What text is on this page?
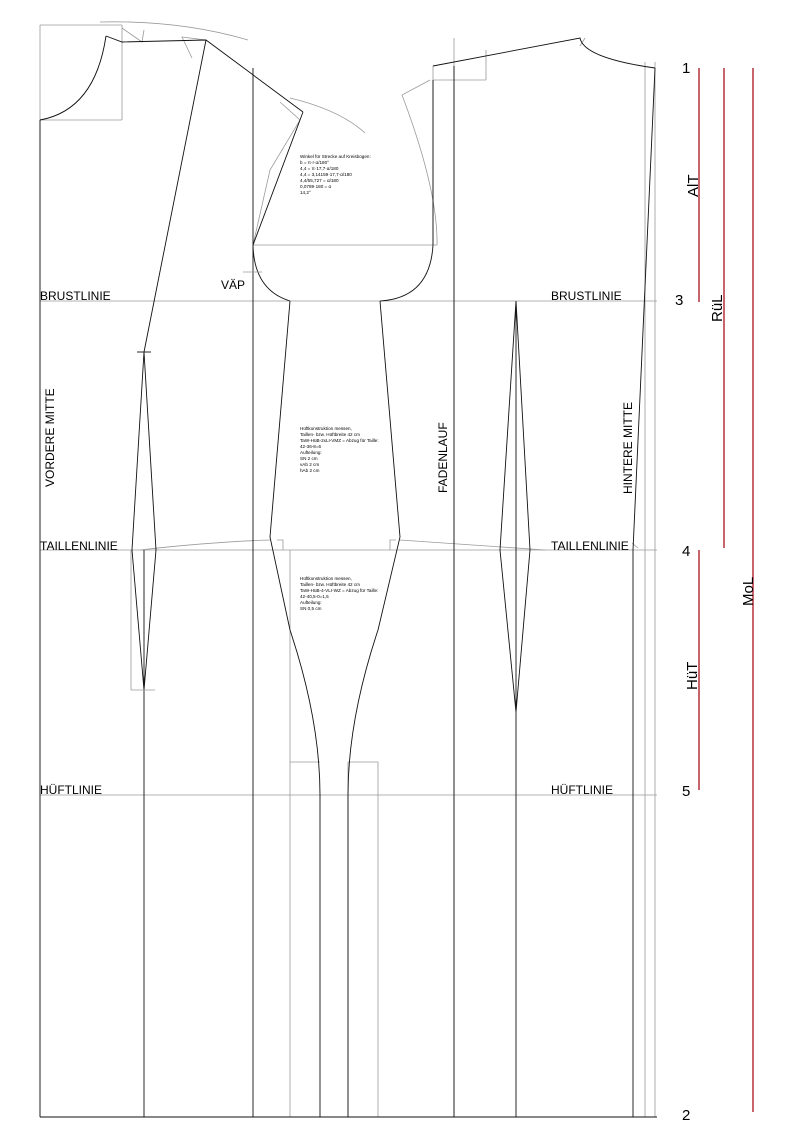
BRUSTLINIE	BRUSTLINIE
TAILLENLINIE	TAILLENLINIE
HÜFTLINIE	HÜFTLINIE
VÄP
VORDERE MITTE	FADENLAUF	HINTERE MITTE
Winkel für Strecke auf Kreisbogen: b = π·r·α/180° 4,4 = π·17,7·α/180 4,4 = 3,14159·17,7·α/180 4,4/55,727 = α/180 0,0789·180 = α 14,2°
Hüftkonstruktion messen, Taillen- bzw. Hüftbreite 42 cm TaW-HüB-2xLI-VMZ = Abzug für Taille: 42-36-8=6 Aufteilung: SN 2 cm vAb 2 cm hAb 2 cm
Hüftkonstruktion messen, Taillen- bzw. Hüftbreite 42 cm TaW-HüB-4-VLI-WZ = Abzug für Taille: 42-40,5-0=1,5 Aufteilung: SN 0,5 cm
1
3
4
5
2
AlT
RüL
MoL
HüT
